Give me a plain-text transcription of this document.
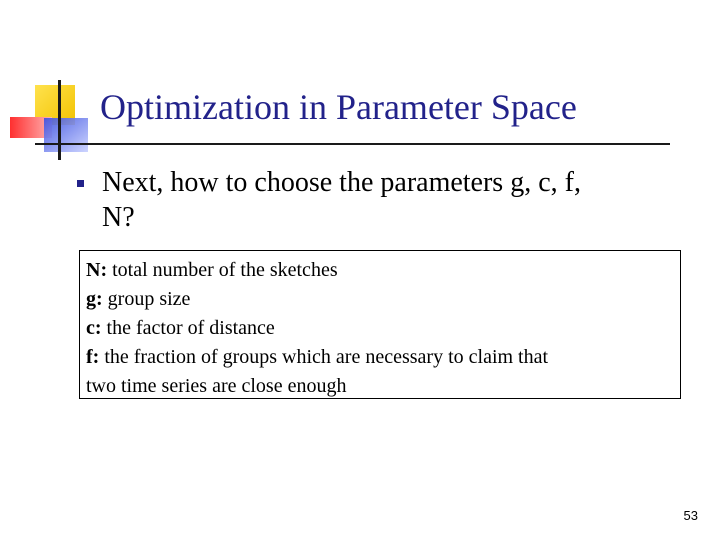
Optimization in Parameter Space
Next, how to choose the parameters g, c, f,
N?
N: total number of the sketches
g: group size
c: the factor of distance
f: the fraction of groups which are necessary to claim that
two time series are close enough
53
